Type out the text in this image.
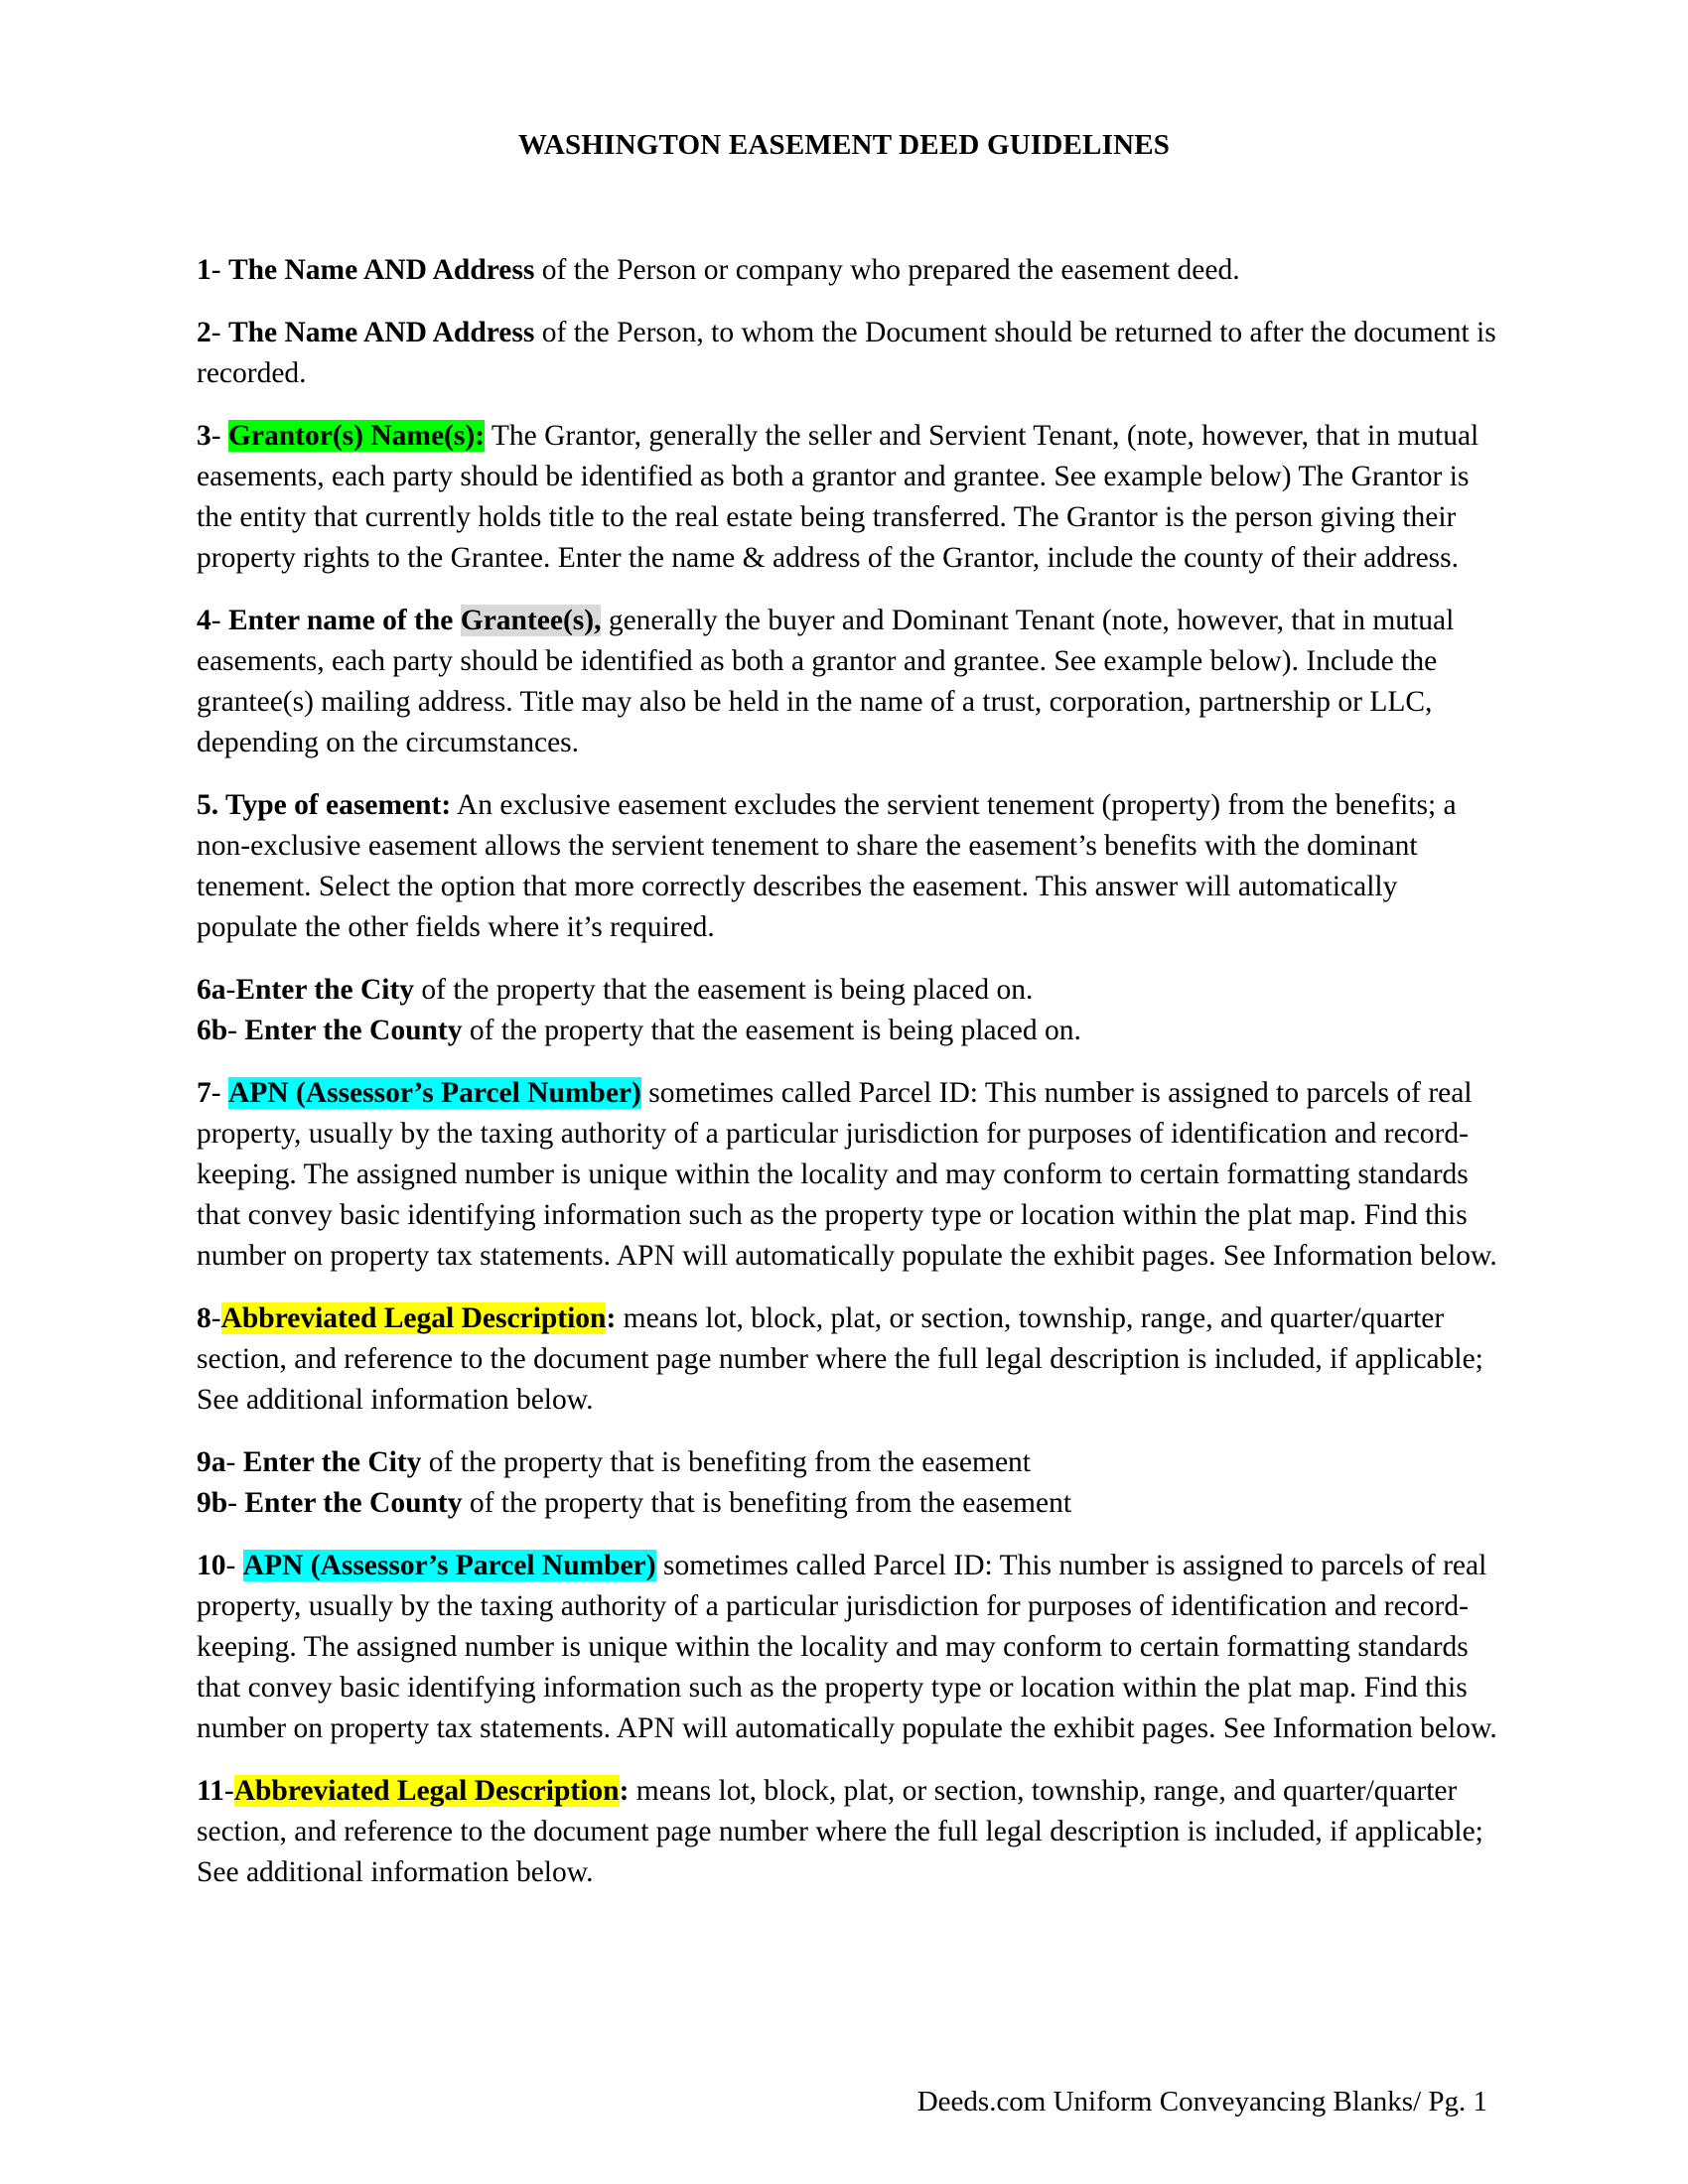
WASHINGTON EASEMENT DEED GUIDELINES

1- The Name AND Address of the Person or company who prepared the easement deed.

2- The Name AND Address of the Person, to whom the Document should be returned to after the document is recorded.

3- Grantor(s) Name(s): The Grantor, generally the seller and Servient Tenant, (note, however, that in mutual easements, each party should be identified as both a grantor and grantee. See example below) The Grantor is the entity that currently holds title to the real estate being transferred. The Grantor is the person giving their property rights to the Grantee. Enter the name & address of the Grantor, include the county of their address.

4- Enter name of the Grantee(s), generally the buyer and Dominant Tenant (note, however, that in mutual easements, each party should be identified as both a grantor and grantee. See example below). Include the grantee(s) mailing address. Title may also be held in the name of a trust, corporation, partnership or LLC, depending on the circumstances.

5. Type of easement: An exclusive easement excludes the servient tenement (property) from the benefits; a non-exclusive easement allows the servient tenement to share the easement’s benefits with the dominant tenement. Select the option that more correctly describes the easement. This answer will automatically populate the other fields where it’s required.

6a-Enter the City of the property that the easement is being placed on.

6b- Enter the County of the property that the easement is being placed on.

7- APN (Assessor’s Parcel Number) sometimes called Parcel ID: This number is assigned to parcels of real property, usually by the taxing authority of a particular jurisdiction for purposes of identification and record-keeping. The assigned number is unique within the locality and may conform to certain formatting standards that convey basic identifying information such as the property type or location within the plat map. Find this number on property tax statements. APN will automatically populate the exhibit pages. See Information below.

8-Abbreviated Legal Description: means lot, block, plat, or section, township, range, and quarter/quarter section, and reference to the document page number where the full legal description is included, if applicable; See additional information below.

9a- Enter the City of the property that is benefiting from the easement

9b- Enter the County of the property that is benefiting from the easement

10- APN (Assessor’s Parcel Number) sometimes called Parcel ID: This number is assigned to parcels of real property, usually by the taxing authority of a particular jurisdiction for purposes of identification and record-keeping. The assigned number is unique within the locality and may conform to certain formatting standards that convey basic identifying information such as the property type or location within the plat map. Find this number on property tax statements. APN will automatically populate the exhibit pages. See Information below.

11-Abbreviated Legal Description: means lot, block, plat, or section, township, range, and quarter/quarter section, and reference to the document page number where the full legal description is included, if applicable; See additional information below.

Deeds.com Uniform Conveyancing Blanks/ Pg. 1
